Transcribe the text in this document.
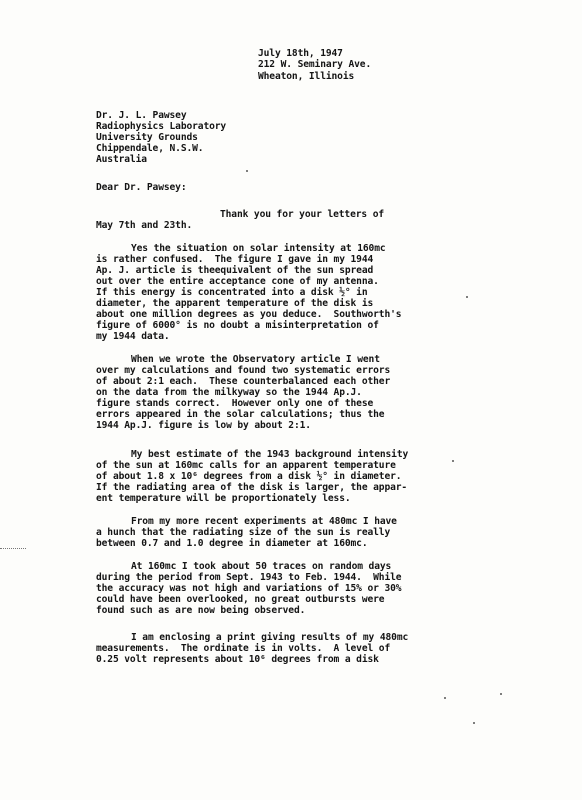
July 18th, 1947
212 W. Seminary Ave.
Wheaton, Illinois
Dr. J. L. Pawsey
Radiophysics Laboratory
University Grounds
Chippendale, N.S.W.
Australia
Dear Dr. Pawsey:
Thank you for your letters of
May 7th and 23th.
Yes the situation on solar intensity at 160mc
is rather confused.  The figure I gave in my 1944
Ap. J. article is theequivalent of the sun spread
out over the entire acceptance cone of my antenna.
If this energy is concentrated into a disk ½° in
diameter, the apparent temperature of the disk is
about one million degrees as you deduce.  Southworth's
figure of 6000° is no doubt a misinterpretation of
my 1944 data.
When we wrote the Observatory article I went
over my calculations and found two systematic errors
of about 2:1 each.  These counterbalanced each other
on the data from the milkyway so the 1944 Ap.J.
figure stands correct.  However only one of these
errors appeared in the solar calculations; thus the
1944 Ap.J. figure is low by about 2:1.
My best estimate of the 1943 background intensity
of the sun at 160mc calls for an apparent temperature
of about 1.8 x 10⁶ degrees from a disk ½° in diameter.
If the radiating area of the disk is larger, the appar-
ent temperature will be proportionately less.
From my more recent experiments at 480mc I have
a hunch that the radiating size of the sun is really
between 0.7 and 1.0 degree in diameter at 160mc.
At 160mc I took about 50 traces on random days
during the period from Sept. 1943 to Feb. 1944.  While
the accuracy was not high and variations of 15% or 30%
could have been overlooked, no great outbursts were
found such as are now being observed.
I am enclosing a print giving results of my 480mc
measurements.  The ordinate is in volts.  A level of
0.25 volt represents about 10⁶ degrees from a disk
